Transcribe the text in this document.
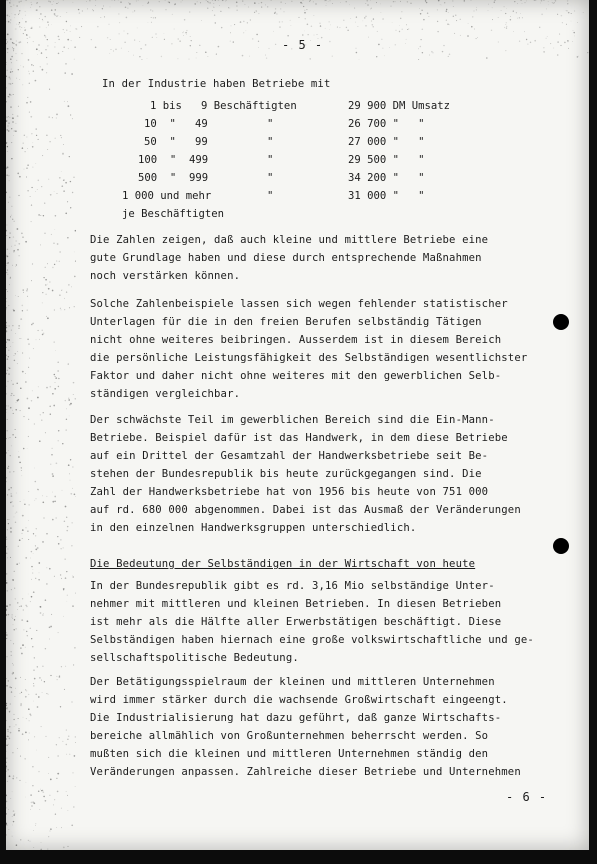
- 5 -
In der Industrie haben Betriebe mit
1 bis   9 Beschäftigten	29 900 DM Umsatz
10  "   49	"	26 700 "   "
50  "   99	"	27 000 "   "
100  "  499	"	29 500 "   "
500  "  999	"	34 200 "   "
1 000 und mehr	"	31 000 "   "
je Beschäftigten
Die Zahlen zeigen, daß auch kleine und mittlere Betriebe eine
gute Grundlage haben und diese durch entsprechende Maßnahmen
noch verstärken können.
Solche Zahlenbeispiele lassen sich wegen fehlender statistischer
Unterlagen für die in den freien Berufen selbständig Tätigen
nicht ohne weiteres beibringen. Ausserdem ist in diesem Bereich
die persönliche Leistungsfähigkeit des Selbständigen wesentlichster
Faktor und daher nicht ohne weiteres mit den gewerblichen Selb-
ständigen vergleichbar.
Der schwächste Teil im gewerblichen Bereich sind die Ein-Mann-
Betriebe. Beispiel dafür ist das Handwerk, in dem diese Betriebe
auf ein Drittel der Gesamtzahl der Handwerksbetriebe seit Be-
stehen der Bundesrepublik bis heute zurückgegangen sind. Die
Zahl der Handwerksbetriebe hat von 1956 bis heute von 751 000
auf rd. 680 000 abgenommen. Dabei ist das Ausmaß der Veränderungen
in den einzelnen Handwerksgruppen unterschiedlich.
Die Bedeutung der Selbständigen in der Wirtschaft von heute
In der Bundesrepublik gibt es rd. 3,16 Mio selbständige Unter-
nehmer mit mittleren und kleinen Betrieben. In diesen Betrieben
ist mehr als die Hälfte aller Erwerbstätigen beschäftigt. Diese
Selbständigen haben hiernach eine große volkswirtschaftliche und ge-
sellschaftspolitische Bedeutung.
Der Betätigungsspielraum der kleinen und mittleren Unternehmen
wird immer stärker durch die wachsende Großwirtschaft eingeengt.
Die Industrialisierung hat dazu geführt, daß ganze Wirtschafts-
bereiche allmählich von Großunternehmen beherrscht werden. So
mußten sich die kleinen und mittleren Unternehmen ständig den
Veränderungen anpassen. Zahlreiche dieser Betriebe und Unternehmen
- 6 -
